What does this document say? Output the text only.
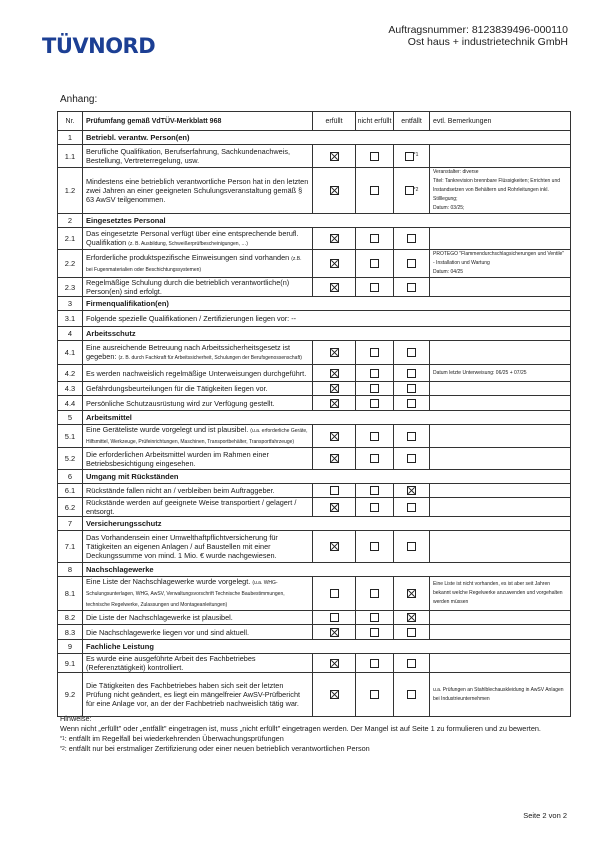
TÜVNORD
Auftragsnummer: 8123839496-000110
Ost haus + industrietechnik GmbH
Anhang:
Nr.	Prüfumfang gemäß VdTÜV-Merkblatt 968	erfüllt	nicht erfüllt	entfällt	evtl. Bemerkungen
1	Betriebl. verantw. Person(en)				
1.1	Berufliche Qualifikation, Berufserfahrung, Sachkundenachweis, Bestellung, Vertreterregelung, usw.			$^{*1}$	
1.2	Mindestens eine betrieblich verantwortliche Person hat in den letzten zwei Jahren an einer geeigneten Schulungsveranstaltung gemäß § 63 AwSV teilgenommen.			$^{*2}$	Veranstalter: diverse
Titel: Tankrevision brennbare Flüssigkeiten; Errichten und Instandsetzen von Behältern und Rohrleitungen inkl. Stilllegung;
Datum: 03/25;
2	Eingesetztes Personal				
2.1	Das eingesetzte Personal verfügt über eine entsprechende berufl. Qualifikation (z. B. Ausbildung, Schweißerprüfbescheinigungen, …)				
2.2	Erforderliche produktspezifische Einweisungen sind vorhanden (z.B. bei Fugenmaterialien oder Beschichtungssystemen)				PROTEGO "Flammendurchschlagsicherungen und Ventile" - Installation und Wartung
Datum: 04/25
2.3	Regelmäßige Schulung durch die betrieblich verantwortliche(n) Person(en) sind erfolgt.				
3	Firmenqualifikation(en)				
3.1	Folgende spezielle Qualifikationen / Zertifizierungen liegen vor: --				
4	Arbeitsschutz				
4.1	Eine ausreichende Betreuung nach Arbeitssicherheitsgesetz ist gegeben: (z. B. durch Fachkraft für Arbeitssicherheit, Schulungen der Berufsgenossenschaft)				
4.2	Es werden nachweislich regelmäßige Unterweisungen durchgeführt.				Datum letzte Unterweisung: 06/25 + 07/25
4.3	Gefährdungsbeurteilungen für die Tätigkeiten liegen vor.				
4.4	Persönliche Schutzausrüstung wird zur Verfügung gestellt.				
5	Arbeitsmittel				
5.1	Eine Geräteliste wurde vorgelegt und ist plausibel. (u.a. erforderliche Geräte, Hilfsmittel, Werkzeuge, Prüfeinrichtungen, Maschinen, Transportbehälter, Transportfahrzeuge)				
5.2	Die erforderlichen Arbeitsmittel wurden im Rahmen einer Betriebsbesichtigung eingesehen.				
6	Umgang mit Rückständen				
6.1	Rückstände fallen nicht an / verbleiben beim Auftraggeber.				
6.2	Rückstände werden auf geeignete Weise transportiert / gelagert / entsorgt.				
7	Versicherungsschutz				
7.1	Das Vorhandensein einer Umwelthaftpflichtversicherung für Tätigkeiten an eigenen Anlagen / auf Baustellen mit einer Deckungssumme von mind. 1 Mio. € wurde nachgewiesen.				
8	Nachschlagewerke				
8.1	Eine Liste der Nachschlagewerke wurde vorgelegt. (u.a. WHG-Schulungsunterlagen, WHG, AwSV, Verwaltungsvorschrift Technische Baubestimmungen, technische Regelwerke, Zulassungen und Montageanleitungen)				Eine Liste ist nicht vorhanden, es ist aber seit Jahren bekannt welche Regelwerke anzuwenden und vorgehalten werden müssen
8.2	Die Liste der Nachschlagewerke ist plausibel.				
8.3	Die Nachschlagewerke liegen vor und sind aktuell.				
9	Fachliche Leistung				
9.1	Es wurde eine ausgeführte Arbeit des Fachbetriebes (Referenztätigkeit) kontrolliert.				
9.2	Die Tätigkeiten des Fachbetriebes haben sich seit der letzten Prüfung nicht geändert, es liegt ein mängelfreier AwSV-Prüfbericht für eine Anlage vor, an der der Fachbetrieb nachweislich tätig war.				u.a. Prüfungen an Stahlblechauskleidung in AwSV Anlagen bei Industrieunternehmen
Hinweise:
Wenn nicht „erfüllt" oder „entfällt" eingetragen ist, muss „nicht erfüllt" eingetragen werden. Der Mangel ist auf Seite 1 zu formulieren und zu bewerten.
$^{*1}$: entfällt im Regelfall bei wiederkehrenden Überwachungsprüfungen
$^{*2}$: entfällt nur bei erstmaliger Zertifizierung oder einer neuen betrieblich verantwortlichen Person
Seite 2 von 2
